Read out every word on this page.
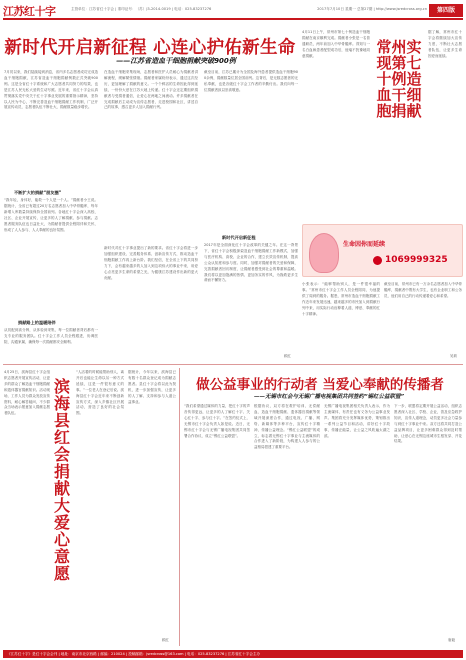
江苏红十字	主管单位：江苏省红十字会 | 准印证号：（苏）J3-2014-0019 | 电话：025-83237276	2017年7月10日 星期一 总第27期 | http://www.jsredcross.org.cn	第四版
新时代开启新征程 心连心护佑新生命
——江苏省造血干细胞捐献突破900例
7月初以来，我们陆续接到消息，省内多名志愿者成功完成造血干细胞捐献，江苏省造血干细胞捐献例数正式突破900例。这是全省红十字系统和广大志愿者共同努力的结果，也是江苏人民无私大爱的生动写照。近年来，省红十字会认真贯彻落实党中央关于红十字事业发展的重要指示精神，坚持以人民为中心，不断完善造血干细胞捐献工作机制，广泛开展宣传动员，志愿者队伍不断壮大，捐献数量稳步增长。
不断扩大的捐献“朋友圈”
“我年轻，身体好，能救一个人是一个人。”捐献者小王说。据统计，全省已有超过20万名志愿者加入中华骨髓库，每年新增入库数量持续保持全国前列。各地红十字会深入高校、社区、企业开展宣传，让更多的人了解捐献、参与捐献。志愿者服务队伍也日益壮大，为捐献者提供全程陪伴和关怀，形成了人人参与、人人奉献的良好氛围。
捐献路上的温暖陪伴
从初配到高分辨，从体检到采集，每一位捐献者背后都有一支专业的服务团队。红十字会工作人员全程跟进，协调医院、沟通家属，确保每一次捐献都安全顺利。
在造血干细胞采集现场，志愿者和医护人员耐心为捐献者讲解流程，缓解紧张情绪。捐献者家属纷纷表示，通过这次经历，更加理解了捐献的意义。一个个鲜活的生命因此得到延续，一份份大爱在江苏大地上传递。红十字会还定期组织捐献者与受捐者通信，让爱心在两地之间流动。许多捐献者在完成捐献后主动成为宣传志愿者，走进校园和社区，讲述自己的故事，感召更多人加入捐献行列。
新时代对红十字事业提出了新的要求。省红十字会将进一步加强组织建设、完善服务体系、创新宣传方式，推动造血干细胞捐献工作再上新台阶。我们坚信，在全省上下的共同努力下，会有越来越多的人加入到这项伟大的事业中来，用爱心点亮更多生命的希望之光，为健康江苏建设作出新的更大贡献。
截至目前，江苏已累计为全国及海外患者提供造血干细胞900余例，捐献数量位居全国前列。这背后，是无数志愿者的无私奉献，也是各级红十字会工作者的辛勤付出。我们向每一位捐献者致以崇高敬意。
新时代开启新征程
2017年是全面深化红十字会改革的关键之年。在这一背景下，省红十字会积极探索造血干细胞捐献工作新模式，加强与医疗机构、高校、企业的合作，建立长效宣传机制，提高公众认知度和参与度。同时，加强对捐献者的关爱和保障，完善捐献者回访制度，让捐献者感受到社会的尊重和温暖。我们将以更加饱满的热情、更加务实的作风，为挽救更多生命而不懈努力。
顾红
4月11日上午，常州市第七十例造血干细胞捐献在南京顺利完成。捐献者小张是一名普通职员，两年前加入中华骨髓库。得知与一名白血病患者配型成功后，他毫不犹豫地同意捐献。	常州实现第七十例造血干细胞捐献
据了解，常州市红十字会将继续加大宣传力度，不断壮大志愿者队伍，让更多生命因爱而延续。
生命因你而延续
1069999325
小张表示：“能够帮助别人，是一件很幸福的事。”常州市红十字会工作人员全程陪同，为他提供了周到的服务。据悉，常州市造血干细胞捐献工作近年来发展迅速，越来越多的市民加入到捐献行列中来，用实际行动诠释着人道、博爱、奉献的红十字精神。
截至目前，常州市已有一万余名志愿者加入中华骨髓库，捐献者中既有大学生，也有企业职工和公务员，他们用自己的行动传递着爱心和希望。
吴莉
4月25日，滨海县红十字会组织志愿者开展宣传活动，让更多的群众了解造血干细胞捐献和遗体器官捐献知识。活动现场，工作人员为群众发放宣传资料，耐心解答疑问，不少群众当场表示愿意加入捐献志愿者队伍。
滨海县红会捐献大爱心意愿
“人活着的时候能帮助别人，离开后也能让生命以另一种方式延续，这是一件很有意义的事。”一位老人在登记后说。滨海县红十字会近年来不断创新宣传方式，深入乡镇社区开展活动，营造了良好的社会氛围。
据统计，今年以来，滨海县已有数十名群众登记成为捐献志愿者。县红十字会将以此为契机，进一步加强宣传，让更多的人了解、支持和参与人道公益事业。
顾红
做公益事业的行动者 当爱心奉献的传播者
——无锡市红会与无锡广播电视集团共同签约“锡红公益联盟”
“我们希望通过媒体的力量，把红十字的声音传得更远，让更多的人了解红十字、关心红十字、参与红十字。”在签约仪式上，无锡市红十字会负责人如是说。近日，无锡市红十字会与无锡广播电视集团共同签署合作协议，成立“锡红公益联盟”。
根据协议，双方将在救护培训、无偿献血、造血干细胞捐献、遗体器官捐献等领域开展深度合作，通过电视、广播、网络、新媒体等多种平台，宣传红十字精神，传播公益理念。“锡红公益联盟”的成立，标志着无锡红十字事业与主流媒体的合作进入了新阶段，为构建人人参与的公益格局搭建了重要平台。
无锡广播电视集团相关负责人表示，作为主流媒体，有责任也有义务为公益事业发声。集团将充分发挥媒体优势，策划推出一系列公益节目和活动，讲好红十字故事，传播正能量，让公益之风吹遍太湖之滨。
下一步，联盟将定期开展公益活动，组织志愿者深入社区、学校、企业，普及应急救护知识，宣传人道理念，动员更多社会力量参与到红十字事业中来。双方还将共同打造公益品牌项目，让更多困难群众得到及时帮助，让爱心在无锡这座城市生根发芽、开花结果。
唐毅
《江苏红十字》是红十字会会刊 | 地址：南京市北京西路 | 邮编：210024 | 投稿邮箱：jsredcross@163.com | 电话：025-83237276 | 江苏省红十字会主办
